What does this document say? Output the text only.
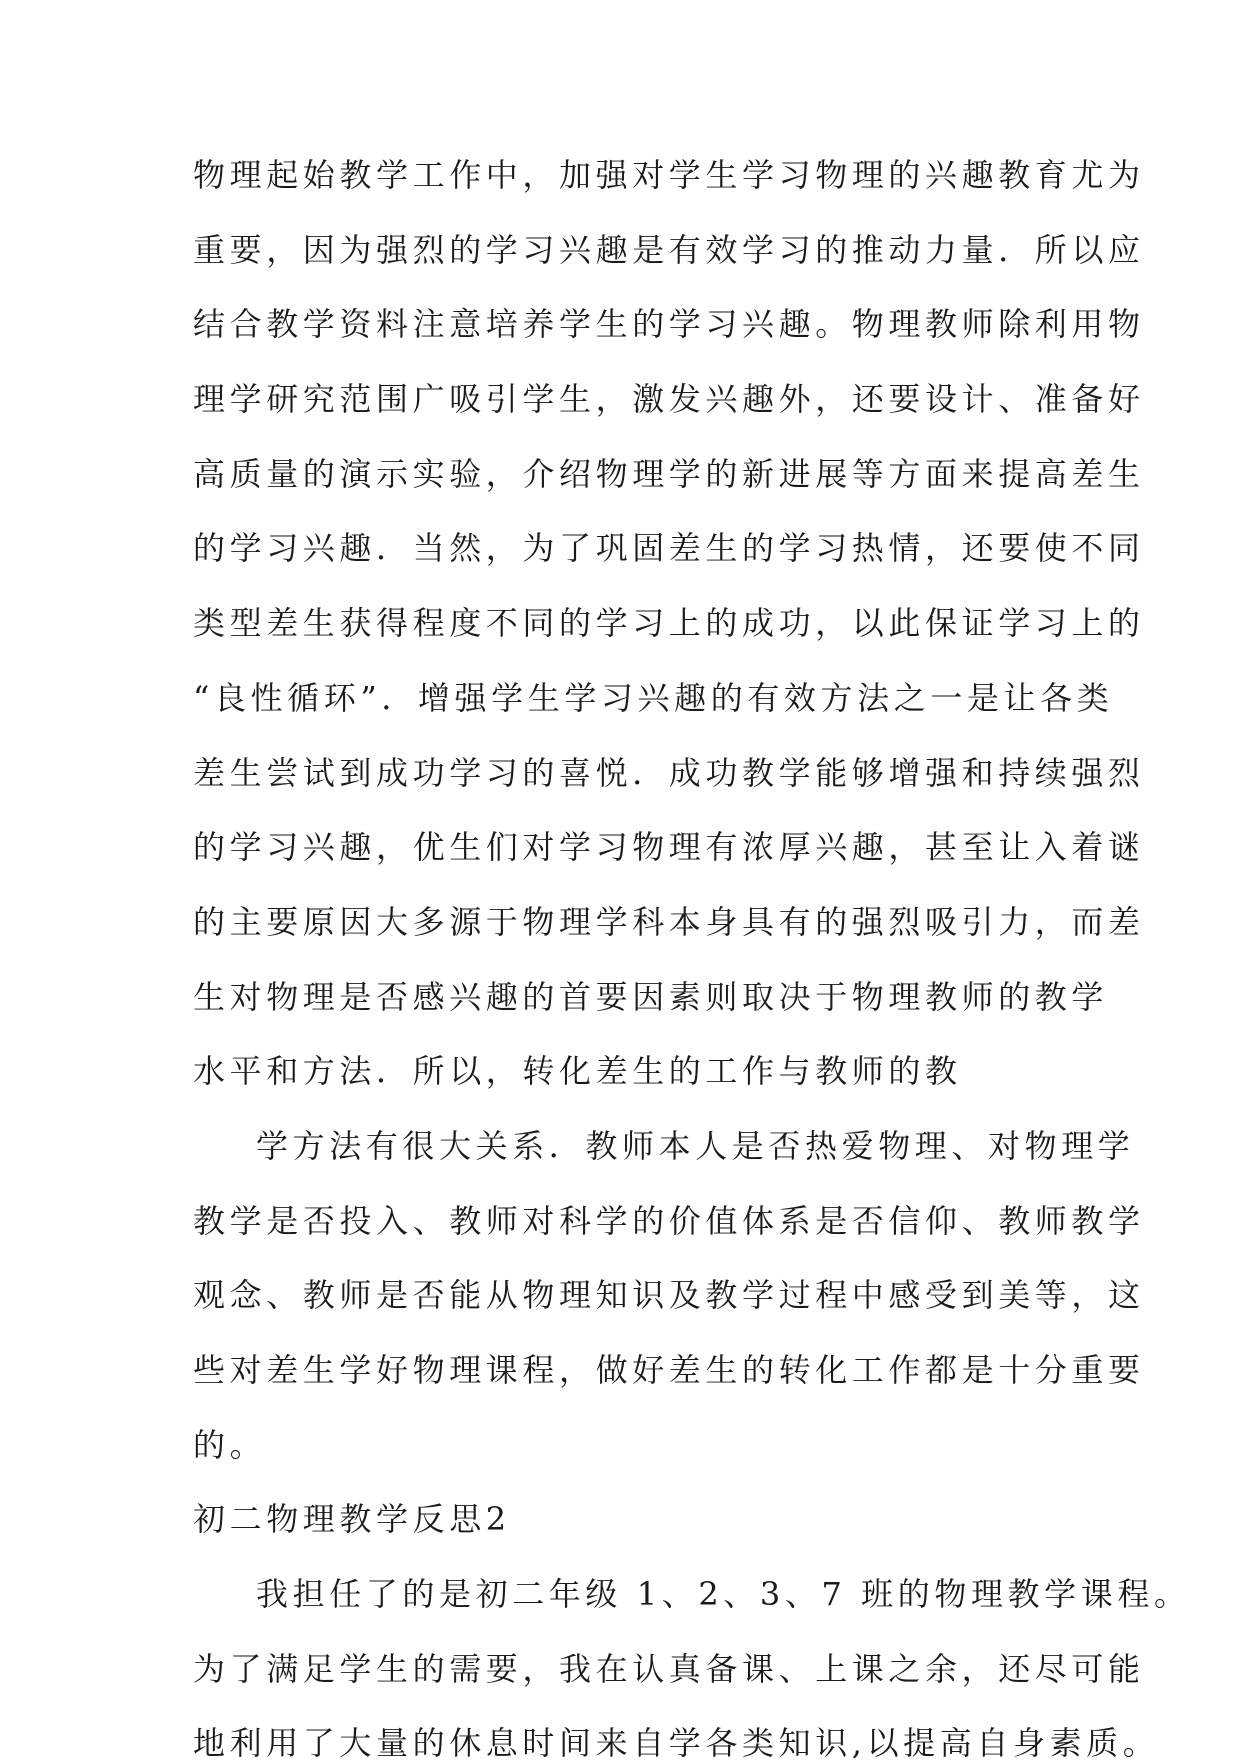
物理起始教学工作中，加强对学生学习物理的兴趣教育尤为
重要，因为强烈的学习兴趣是有效学习的推动力量．所以应
结合教学资料注意培养学生的学习兴趣。物理教师除利用物
理学研究范围广吸引学生，激发兴趣外，还要设计、准备好
高质量的演示实验，介绍物理学的新进展等方面来提高差生
的学习兴趣．当然，为了巩固差生的学习热情，还要使不同
类型差生获得程度不同的学习上的成功，以此保证学习上的
“良性循环”．增强学生学习兴趣的有效方法之一是让各类
差生尝试到成功学习的喜悦．成功教学能够增强和持续强烈
的学习兴趣，优生们对学习物理有浓厚兴趣，甚至让入着谜
的主要原因大多源于物理学科本身具有的强烈吸引力，而差
生对物理是否感兴趣的首要因素则取决于物理教师的教学
水平和方法．所以，转化差生的工作与教师的教
学方法有很大关系．教师本人是否热爱物理、对物理学
教学是否投入、教师对科学的价值体系是否信仰、教师教学
观念、教师是否能从物理知识及教学过程中感受到美等，这
些对差生学好物理课程，做好差生的转化工作都是十分重要
的。
初二物理教学反思2
我担任了的是初二年级 1、2、3、7 班的物理教学课程。
为了满足学生的需要，我在认真备课、上课之余，还尽可能
地利用了大量的休息时间来自学各类知识,以提高自身素质。
